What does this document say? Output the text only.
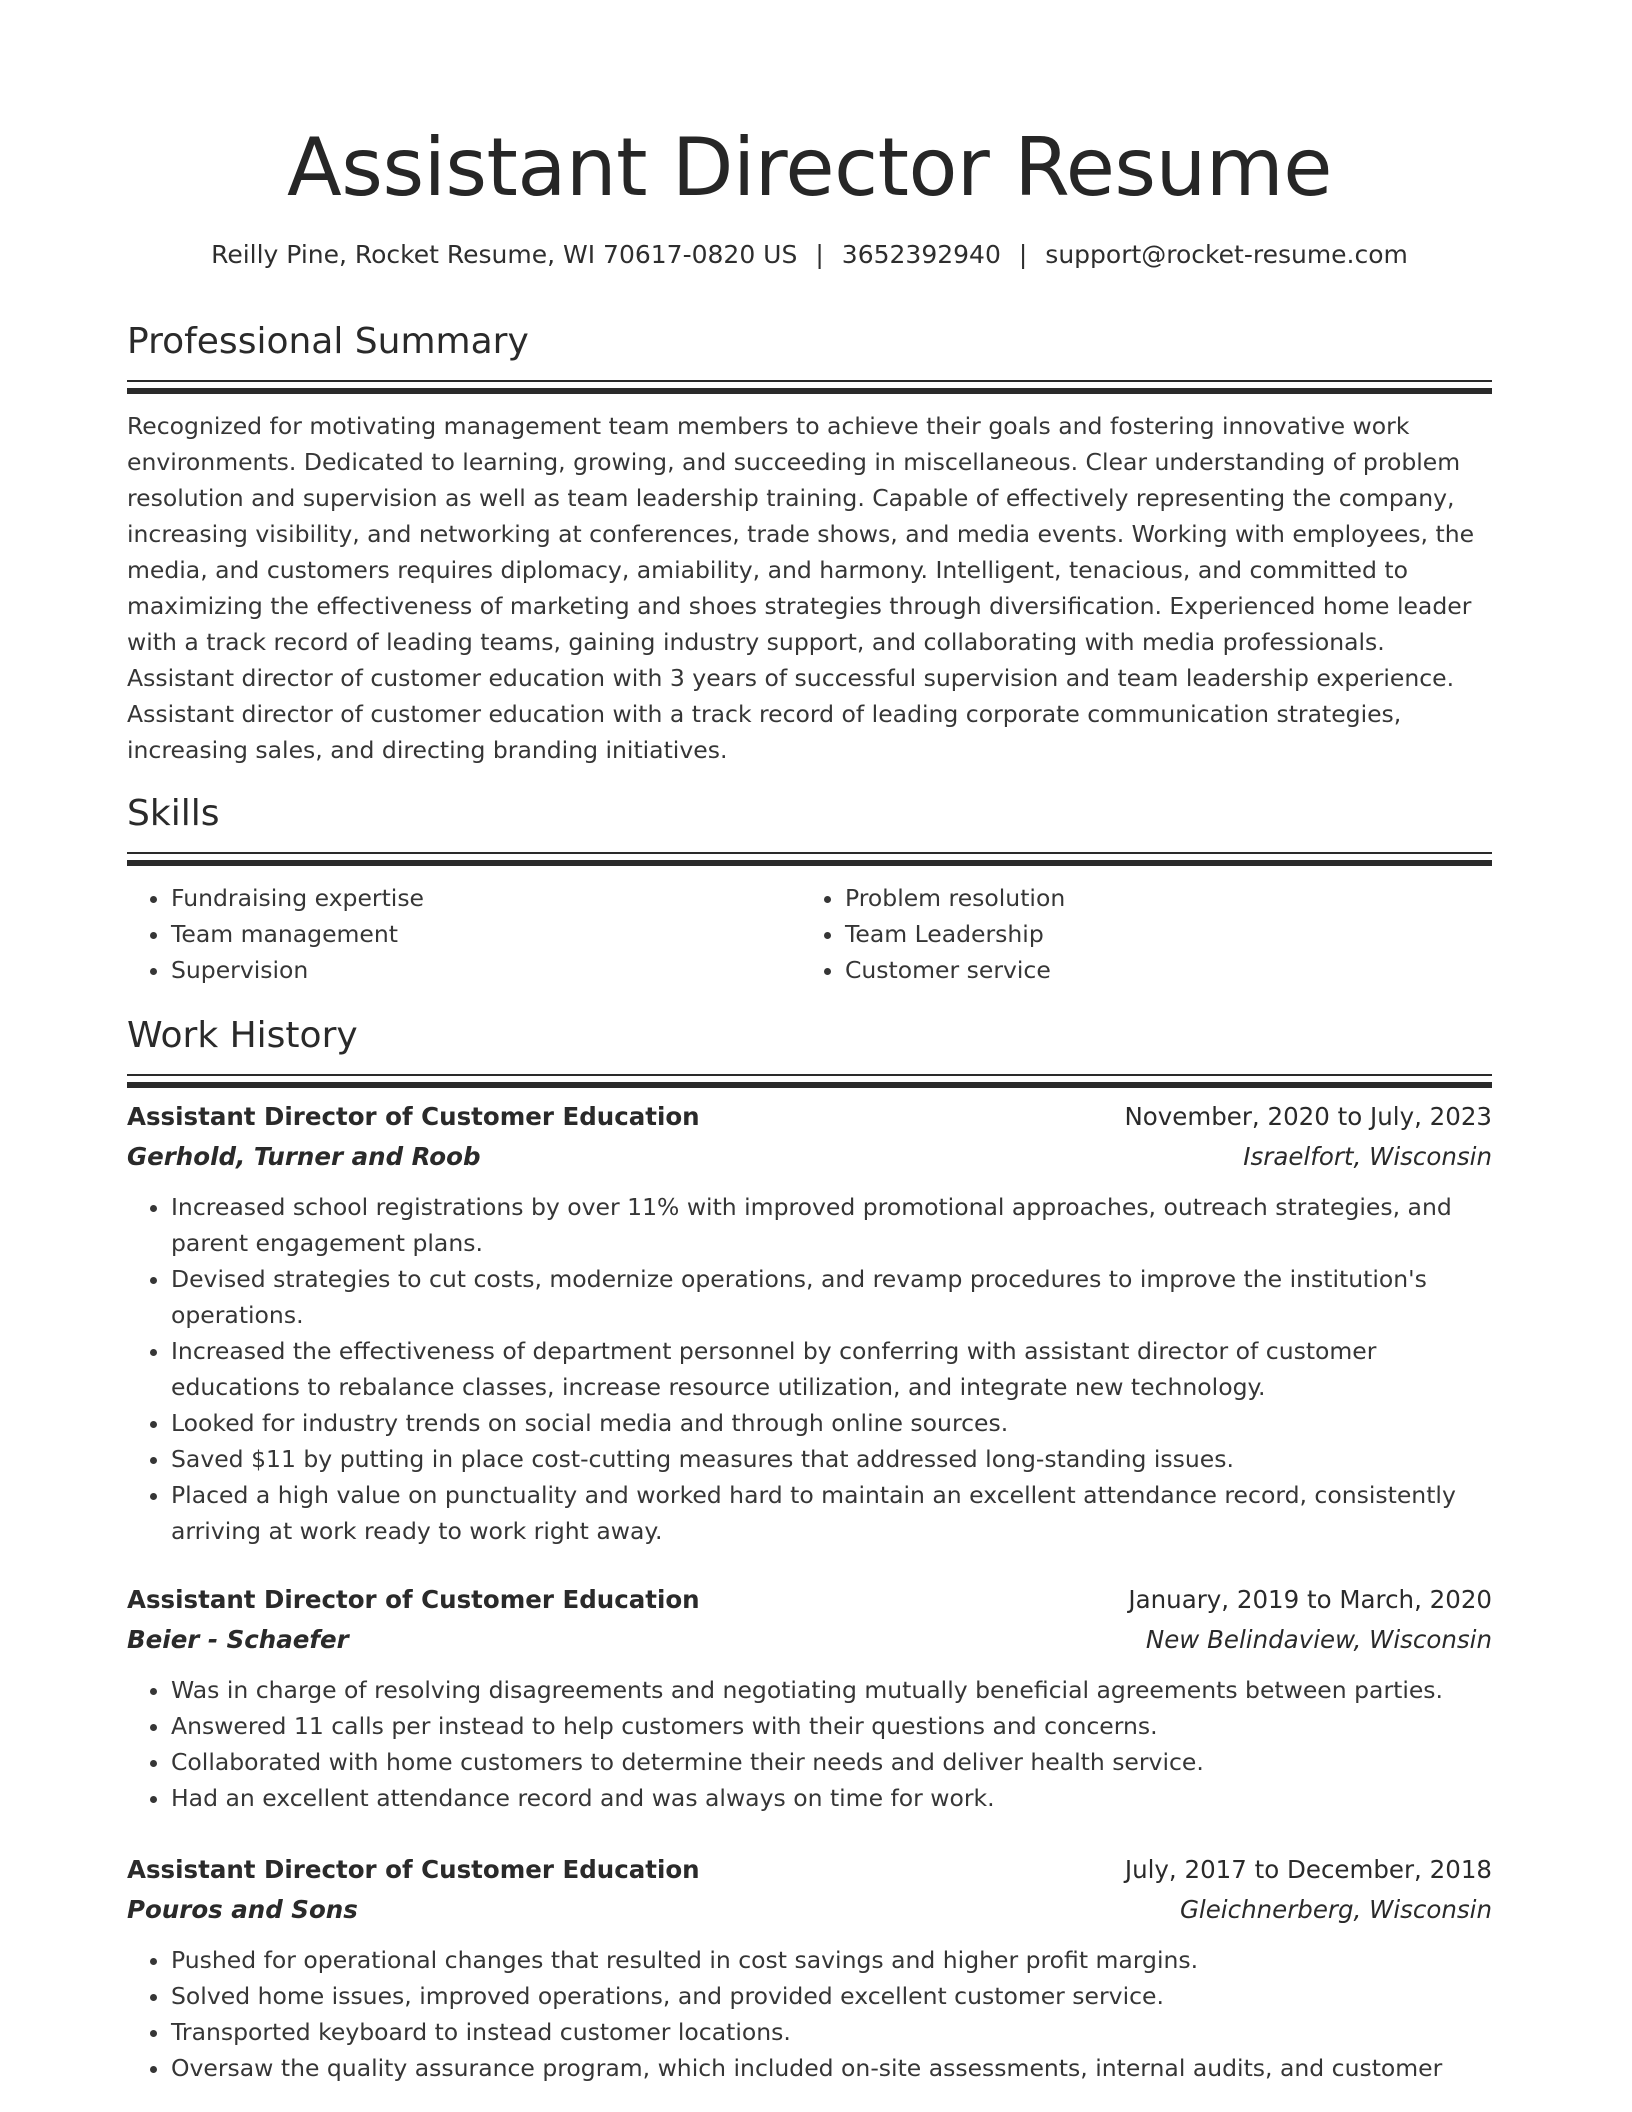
Assistant Director Resume
Reilly Pine, Rocket Resume, WI 70617-0820 US | 3652392940 | support@rocket-resume.com
Professional Summary

Recognized for motivating management team members to achieve their goals and fostering innovative work environments. Dedicated to learning, growing, and succeeding in miscellaneous. Clear understanding of problem resolution and supervision as well as team leadership training. Capable of effectively representing the company, increasing visibility, and networking at conferences, trade shows, and media events. Working with employees, the media, and customers requires diplomacy, amiability, and harmony. Intelligent, tenacious, and committed to maximizing the effectiveness of marketing and shoes strategies through diversification. Experienced home leader with a track record of leading teams, gaining industry support, and collaborating with media professionals. Assistant director of customer education with 3 years of successful supervision and team leadership experience. Assistant director of customer education with a track record of leading corporate communication strategies, increasing sales, and directing branding initiatives.

Skills
• Fundraising expertise
• Team management
• Supervision
• Problem resolution
• Team Leadership
• Customer service
Work History
Assistant Director of Customer Education	November, 2020 to July, 2023
Gerhold, Turner and Roob	Israelfort, Wisconsin
• Increased school registrations by over 11% with improved promotional approaches, outreach strategies, and parent engagement plans.
• Devised strategies to cut costs, modernize operations, and revamp procedures to improve the institution's operations.
• Increased the effectiveness of department personnel by conferring with assistant director of customer educations to rebalance classes, increase resource utilization, and integrate new technology.
• Looked for industry trends on social media and through online sources.
• Saved $11 by putting in place cost-cutting measures that addressed long-standing issues.
• Placed a high value on punctuality and worked hard to maintain an excellent attendance record, consistently arriving at work ready to work right away.
Assistant Director of Customer Education	January, 2019 to March, 2020
Beier - Schaefer	New Belindaview, Wisconsin
• Was in charge of resolving disagreements and negotiating mutually beneficial agreements between parties.
• Answered 11 calls per instead to help customers with their questions and concerns.
• Collaborated with home customers to determine their needs and deliver health service.
• Had an excellent attendance record and was always on time for work.
Assistant Director of Customer Education	July, 2017 to December, 2018
Pouros and Sons	Gleichnerberg, Wisconsin
• Pushed for operational changes that resulted in cost savings and higher profit margins.
• Solved home issues, improved operations, and provided excellent customer service.
• Transported keyboard to instead customer locations.
• Oversaw the quality assurance program, which included on-site assessments, internal audits, and customer
